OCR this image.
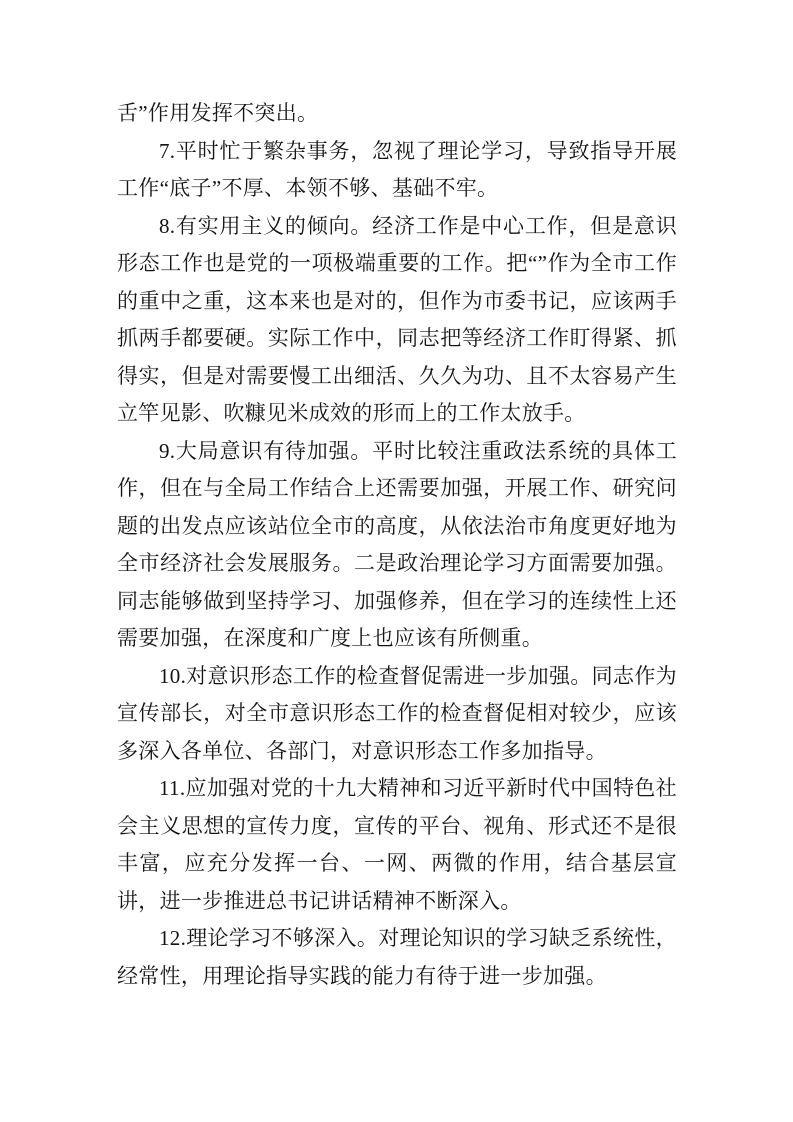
舌”作用发挥不突出。

7.平时忙于繁杂事务，忽视了理论学习，导致指导开展工作“底子”不厚、本领不够、基础不牢。

8.有实用主义的倾向。经济工作是中心工作，但是意识形态工作也是党的一项极端重要的工作。把“”作为全市工作的重中之重，这本来也是对的，但作为市委书记，应该两手抓两手都要硬。实际工作中，同志把等经济工作盯得紧、抓得实，但是对需要慢工出细活、久久为功、且不太容易产生立竿见影、吹糠见米成效的形而上的工作太放手。

9.大局意识有待加强。平时比较注重政法系统的具体工作，但在与全局工作结合上还需要加强，开展工作、研究问题的出发点应该站位全市的高度，从依法治市角度更好地为全市经济社会发展服务。二是政治理论学习方面需要加强。同志能够做到坚持学习、加强修养，但在学习的连续性上还需要加强，在深度和广度上也应该有所侧重。

10.对意识形态工作的检查督促需进一步加强。同志作为宣传部长，对全市意识形态工作的检查督促相对较少，应该多深入各单位、各部门，对意识形态工作多加指导。

11.应加强对党的十九大精神和习近平新时代中国特色社会主义思想的宣传力度，宣传的平台、视角、形式还不是很丰富，应充分发挥一台、一网、两微的作用，结合基层宣讲，进一步推进总书记讲话精神不断深入。

12.理论学习不够深入。对理论知识的学习缺乏系统性，经常性，用理论指导实践的能力有待于进一步加强。
